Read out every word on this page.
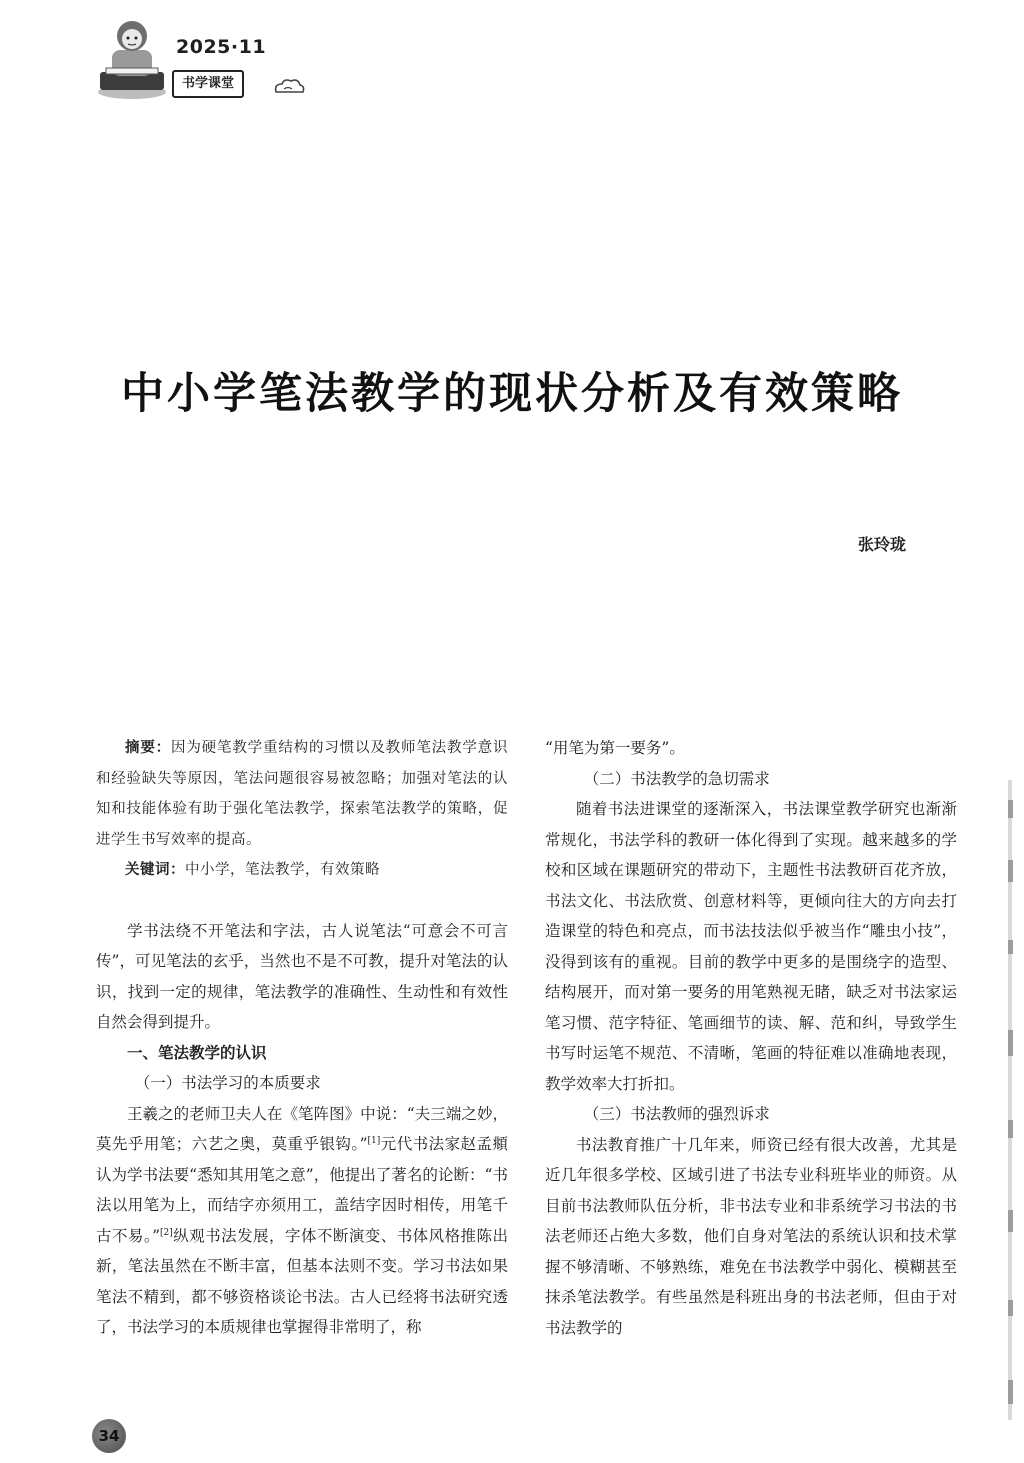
2025·11
书学课堂
中小学笔法教学的现状分析及有效策略
张玲珑

摘要：因为硬笔教学重结构的习惯以及教师笔法教学意识和经验缺失等原因，笔法问题很容易被忽略；加强对笔法的认知和技能体验有助于强化笔法教学，探索笔法教学的策略，促进学生书写效率的提高。

关键词：中小学，笔法教学，有效策略

学书法绕不开笔法和字法，古人说笔法“可意会不可言传”，可见笔法的玄乎，当然也不是不可教，提升对笔法的认识，找到一定的规律，笔法教学的准确性、生动性和有效性自然会得到提升。

一、笔法教学的认识

（一）书法学习的本质要求

王羲之的老师卫夫人在《笔阵图》中说：“夫三端之妙，莫先乎用笔；六艺之奥，莫重乎银钩。”[1]元代书法家赵孟頫认为学书法要“悉知其用笔之意”，他提出了著名的论断：“书法以用笔为上，而结字亦须用工，盖结字因时相传，用笔千古不易。”[2]纵观书法发展，字体不断演变、书体风格推陈出新，笔法虽然在不断丰富，但基本法则不变。学习书法如果笔法不精到，都不够资格谈论书法。古人已经将书法研究透了，书法学习的本质规律也掌握得非常明了，称

“用笔为第一要务”。

（二）书法教学的急切需求

随着书法进课堂的逐渐深入，书法课堂教学研究也渐渐常规化，书法学科的教研一体化得到了实现。越来越多的学校和区域在课题研究的带动下，主题性书法教研百花齐放，书法文化、书法欣赏、创意材料等，更倾向往大的方向去打造课堂的特色和亮点，而书法技法似乎被当作“雕虫小技”，没得到该有的重视。目前的教学中更多的是围绕字的造型、结构展开，而对第一要务的用笔熟视无睹，缺乏对书法家运笔习惯、范字特征、笔画细节的读、解、范和纠，导致学生书写时运笔不规范、不清晰，笔画的特征难以准确地表现，教学效率大打折扣。

（三）书法教师的强烈诉求

书法教育推广十几年来，师资已经有很大改善，尤其是近几年很多学校、区域引进了书法专业科班毕业的师资。从目前书法教师队伍分析，非书法专业和非系统学习书法的书法老师还占绝大多数，他们自身对笔法的系统认识和技术掌握不够清晰、不够熟练，难免在书法教学中弱化、模糊甚至抹杀笔法教学。有些虽然是科班出身的书法老师，但由于对书法教学的

34
